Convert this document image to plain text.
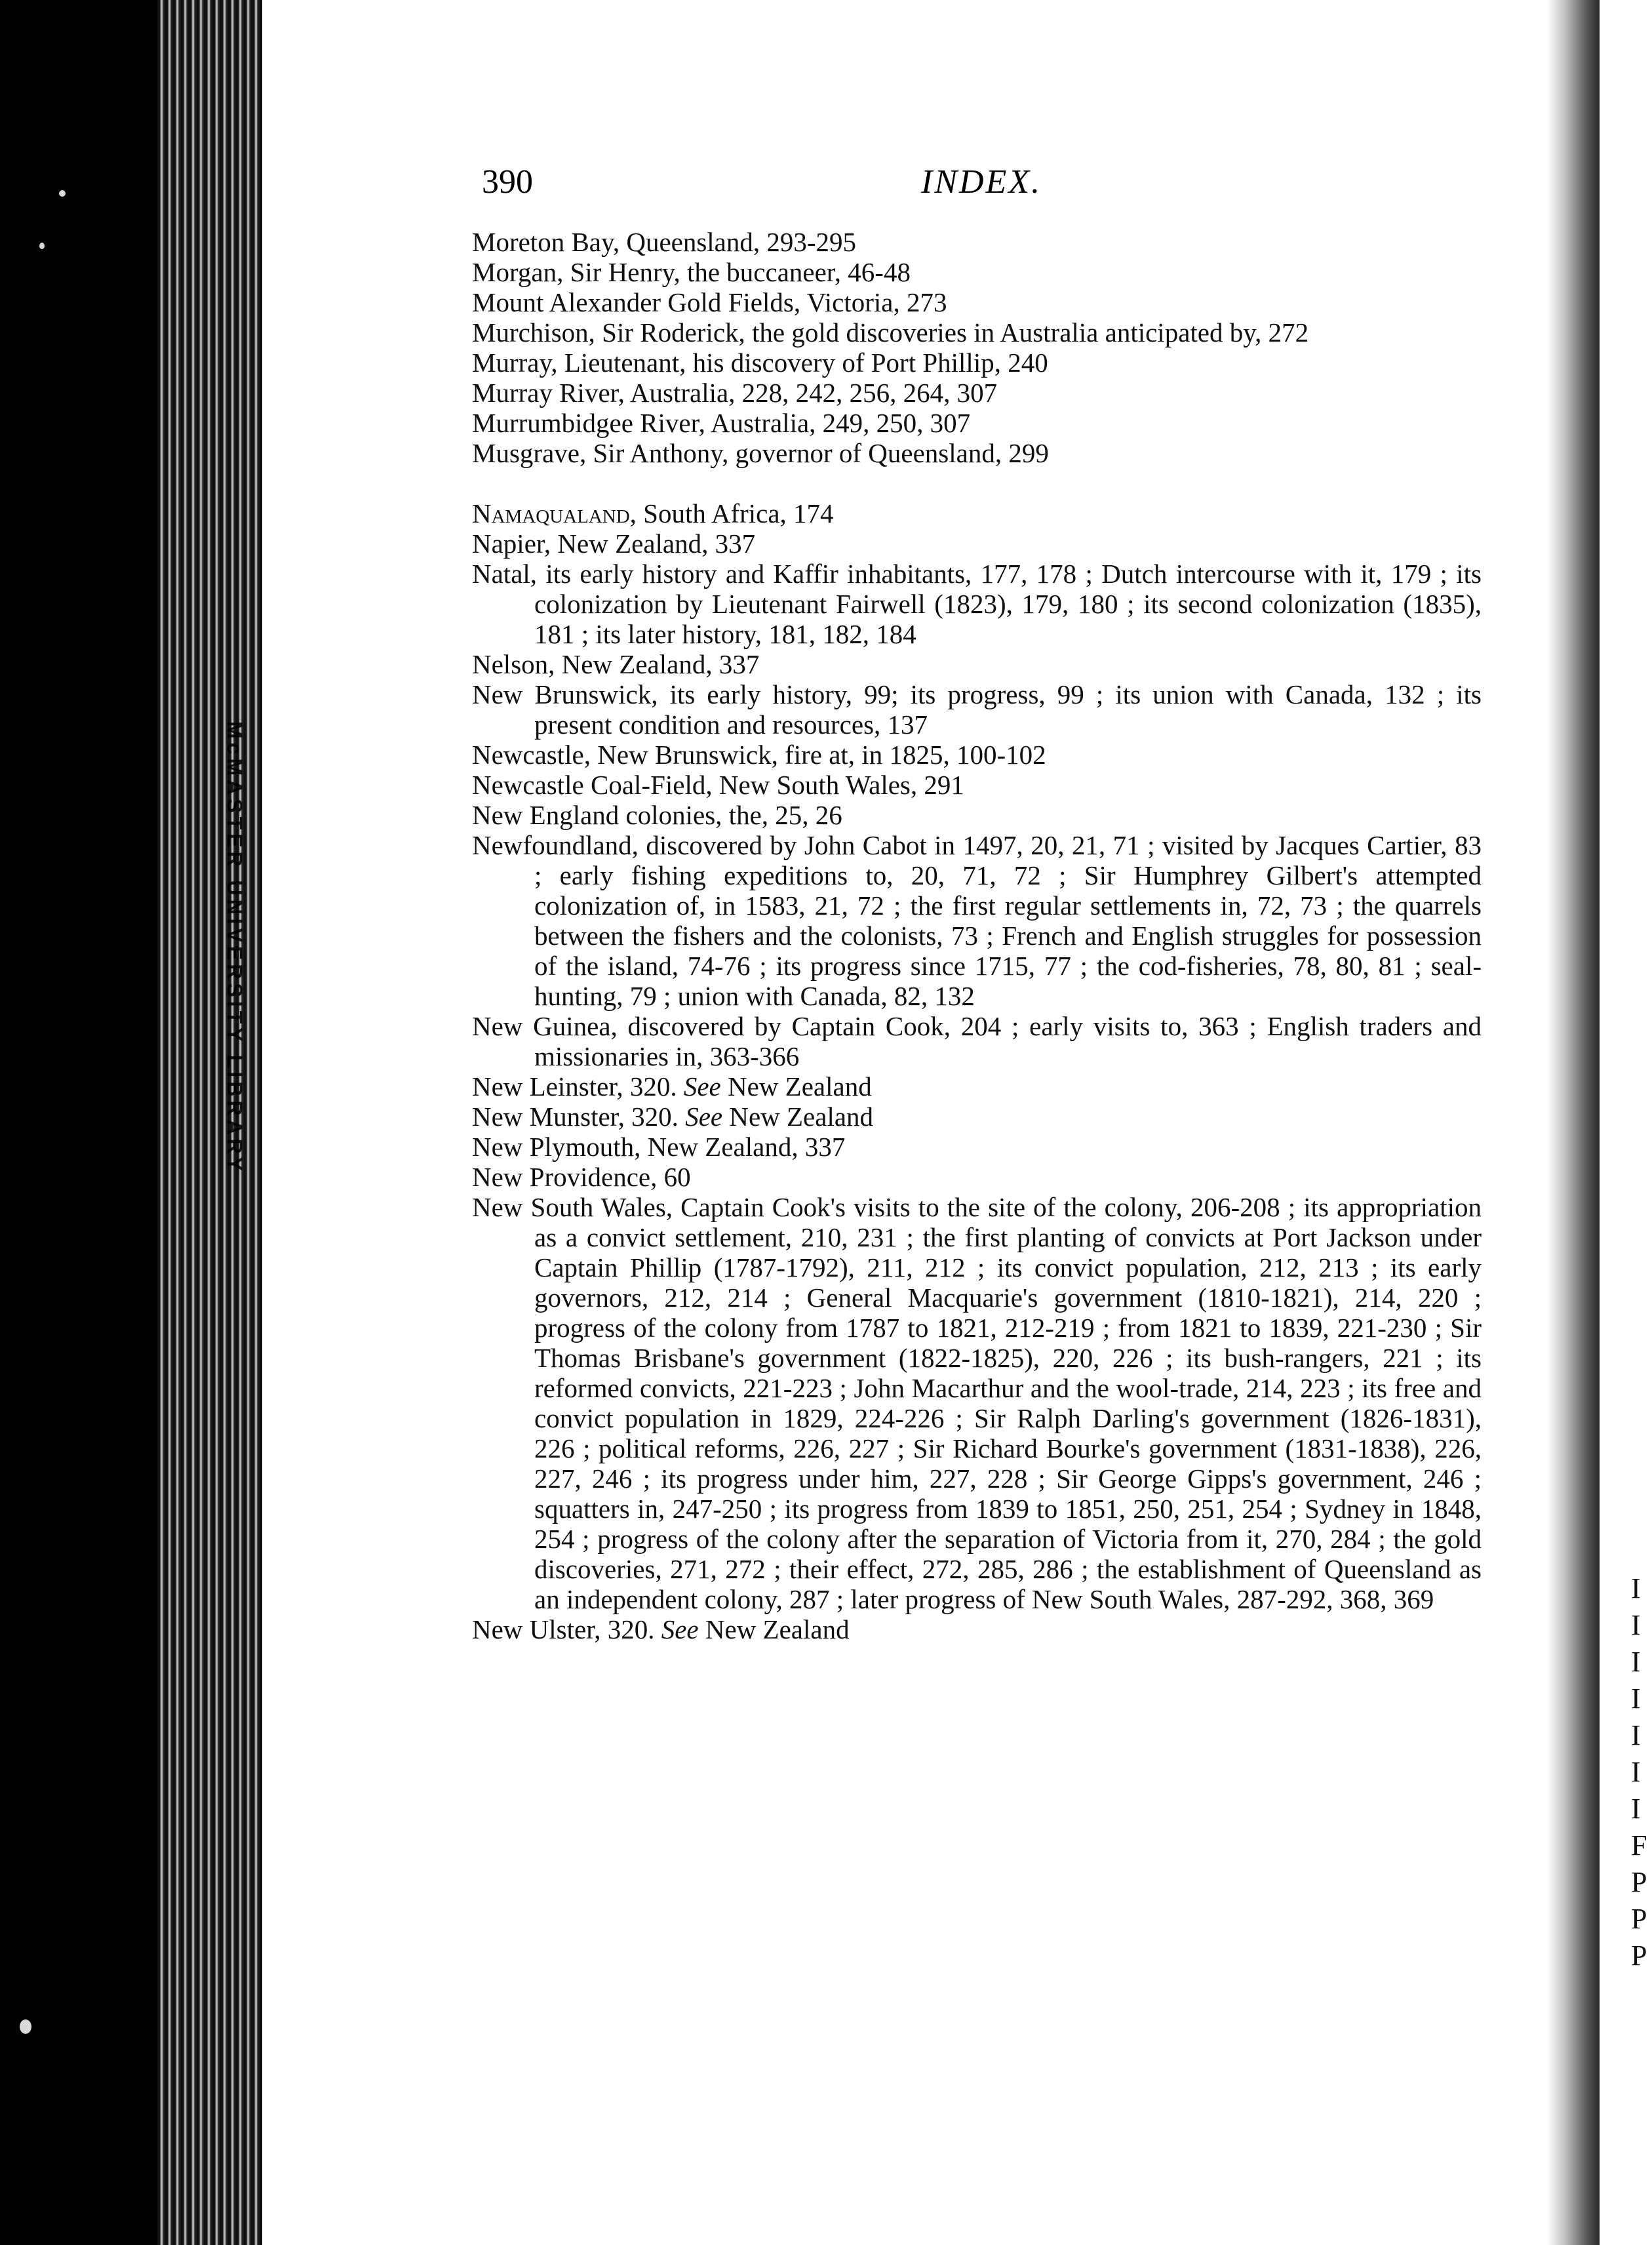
McMASTER UNIVERSITY LIBRARY
390	INDEX.
Moreton Bay, Queensland, 293-295
Morgan, Sir Henry, the buccaneer, 46-48
Mount Alexander Gold Fields, Victoria, 273
Murchison, Sir Roderick, the gold discoveries in Australia anticipated by, 272
Murray, Lieutenant, his discovery of Port Phillip, 240
Murray River, Australia, 228, 242, 256, 264, 307
Murrumbidgee River, Australia, 249, 250, 307
Musgrave, Sir Anthony, governor of Queensland, 299
Namaqualand, South Africa, 174
Napier, New Zealand, 337
Natal, its early history and Kaffir inhabitants, 177, 178 ; Dutch intercourse with it, 179 ; its colonization by Lieutenant Fairwell (1823), 179, 180 ; its second colonization (1835), 181 ; its later history, 181, 182, 184
Nelson, New Zealand, 337
New Brunswick, its early history, 99; its progress, 99 ; its union with Canada, 132 ; its present condition and resources, 137
Newcastle, New Brunswick, fire at, in 1825, 100-102
Newcastle Coal-Field, New South Wales, 291
New England colonies, the, 25, 26
Newfoundland, discovered by John Cabot in 1497, 20, 21, 71 ; visited by Jacques Cartier, 83 ; early fishing expeditions to, 20, 71, 72 ; Sir Humphrey Gilbert's attempted colonization of, in 1583, 21, 72 ; the first regular settlements in, 72, 73 ; the quarrels between the fishers and the colonists, 73 ; French and English struggles for possession of the island, 74-76 ; its progress since 1715, 77 ; the cod-fisheries, 78, 80, 81 ; seal-hunting, 79 ; union with Canada, 82, 132
New Guinea, discovered by Captain Cook, 204 ; early visits to, 363 ; English traders and missionaries in, 363-366
New Leinster, 320. See New Zealand
New Munster, 320. See New Zealand
New Plymouth, New Zealand, 337
New Providence, 60
New South Wales, Captain Cook's visits to the site of the colony, 206-208 ; its appropriation as a convict settlement, 210, 231 ; the first planting of convicts at Port Jackson under Captain Phillip (1787-1792), 211, 212 ; its convict population, 212, 213 ; its early governors, 212, 214 ; General Macquarie's government (1810-1821), 214, 220 ; progress of the colony from 1787 to 1821, 212-219 ; from 1821 to 1839, 221-230 ; Sir Thomas Brisbane's government (1822-1825), 220, 226 ; its bush-rangers, 221 ; its reformed convicts, 221-223 ; John Macarthur and the wool-trade, 214, 223 ; its free and convict population in 1829, 224-226 ; Sir Ralph Darling's government (1826-1831), 226 ; political reforms, 226, 227 ; Sir Richard Bourke's government (1831-1838), 226, 227, 246 ; its progress under him, 227, 228 ; Sir George Gipps's government, 246 ; squatters in, 247-250 ; its progress from 1839 to 1851, 250, 251, 254 ; Sydney in 1848, 254 ; progress of the colony after the separation of Victoria from it, 270, 284 ; the gold discoveries, 271, 272 ; their effect, 272, 285, 286 ; the establishment of Queensland as an independent colony, 287 ; later progress of New South Wales, 287-292, 368, 369
New Ulster, 320. See New Zealand
I
I
I
I
I
I
I
F
P
P
P
